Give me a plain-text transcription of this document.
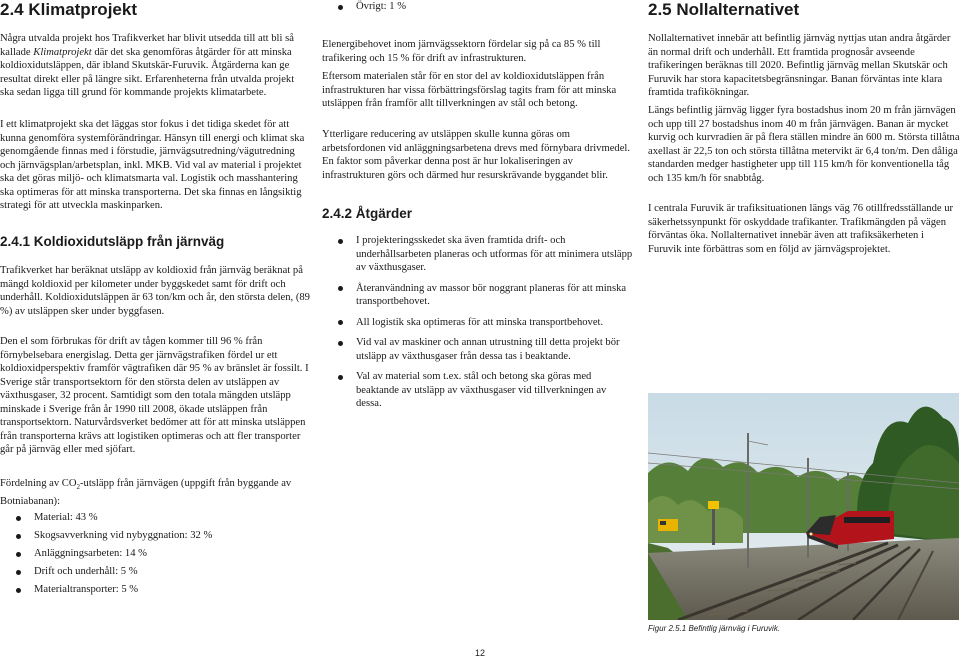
2.4 Klimatprojekt

Några utvalda projekt hos Trafikverket har blivit utsedda till att bli så kallade Klimatprojekt där det ska genomföras åtgärder för att minska koldioxidutsläppen, där ibland Skutskär-Furuvik. Åtgärderna kan ge resultat direkt eller på längre sikt. Erfarenheterna från utvalda projekt ska sedan ligga till grund för kommande projekts klimatarbete.

I ett klimatprojekt ska det läggas stor fokus i det tidiga skedet för att kunna genomföra systemförändringar. Hänsyn till energi och klimat ska genomgående finnas med i förstudie, järnvägsutredning/vägutredning och järnvägsplan/arbetsplan, inkl. MKB. Vid val av material i projektet ska det göras miljö- och klimatsmarta val. Logistik och masshantering ska optimeras för att minska transporterna. Det ska finnas en långsiktig strategi för att utveckla maskinparken.

2.4.1 Koldioxidutsläpp från järnväg

Trafikverket har beräknat utsläpp av koldioxid från järnväg beräknat på mängd koldioxid per kilometer under byggskedet samt för drift och underhåll. Koldioxidutsläppen är 63 ton/km och år, den största delen, (89 %) av utsläppen sker under byggfasen.

Den el som förbrukas för drift av tågen kommer till 96 % från förnybelsebara energislag. Detta ger järnvägstrafiken fördel ur ett koldioxidperspektiv framför vägtrafiken där 95 % av bränslet är fossilt. I Sverige står transportsektorn för den största delen av utsläppen av växthusgaser, 32 procent. Samtidigt som den totala mängden utsläpp minskade i Sverige från år 1990 till 2008, ökade utsläppen från transportsektorn. Naturvårdsverket bedömer att för att minska utsläppen från transporterna krävs att logistiken optimeras och att fler transporter går på järnväg eller med sjöfart.

Fördelning av $CO_2$-utsläpp från järnvägen (uppgift från byggande av Botniabanan):

Material: 43 %
Skogsavverkning vid nybyggnation: 32 %
Anläggningsarbeten: 14 %
Drift och underhåll: 5 %
Materialtransporter: 5 %
Övrigt: 1 %

Elenergibehovet inom järnvägssektorn fördelar sig på ca 85 % till trafikering och 15 % för drift av infrastrukturen.

Eftersom materialen står för en stor del av koldioxidutsläppen från infrastrukturen har vissa förbättringsförslag tagits fram för att minska utsläppen från framför allt tillverkningen av stål och betong.

Ytterligare reducering av utsläppen skulle kunna göras om arbetsfordonen vid anläggningsarbetena drevs med förnybara drivmedel. En faktor som påverkar denna post är hur lokaliseringen av infrastrukturen görs och därmed hur resurskrävande byggandet blir.

2.4.2 Åtgärder
I projekteringsskedet ska även framtida drift- och underhållsarbeten planeras och utformas för att minimera utsläpp av växthusgaser.
Återanvändning av massor bör noggrant planeras för att minska transportbehovet.
All logistik ska optimeras för att minska transportbehovet.
Vid val av maskiner och annan utrustning till detta projekt bör utsläpp av växthusgaser från dessa tas i beaktande.
Val av material som t.ex. stål och betong ska göras med beaktande av utsläpp av växthusgaser vid tillverkningen av dessa.
2.5 Nollalternativet

Nollalternativet innebär att befintlig järnväg nyttjas utan andra åtgärder än normal drift och underhåll. Ett framtida prognosår avseende trafikeringen beräknas till 2020. Befintlig järnväg mellan Skutskär och Furuvik har stora kapacitetsbegränsningar. Banan förväntas inte klara framtida trafikökningar.

Längs befintlig järnväg ligger fyra bostadshus inom 20 m från järnvägen och upp till 27 bostadshus inom 40 m från järnvägen. Banan är mycket kurvig och kurvradien är på flera ställen mindre än 600 m. Största tillåtna axellast är 22,5 ton och största tillåtna metervikt är 6,4 ton/m. Den dåliga standarden medger hastigheter upp till 115 km/h för konventionella tåg och 135 km/h för snabbtåg.

I centrala Furuvik är trafiksituationen längs väg 76 otillfredsställande ur säkerhetssynpunkt för oskyddade trafikanter. Trafikmängden på vägen förväntas öka. Nollalternativet innebär även att trafiksäkerheten i Furuvik inte förbättras som en följd av järnvägsprojektet.

Figur 2.5.1 Befintlig järnväg i Furuvik.
12
